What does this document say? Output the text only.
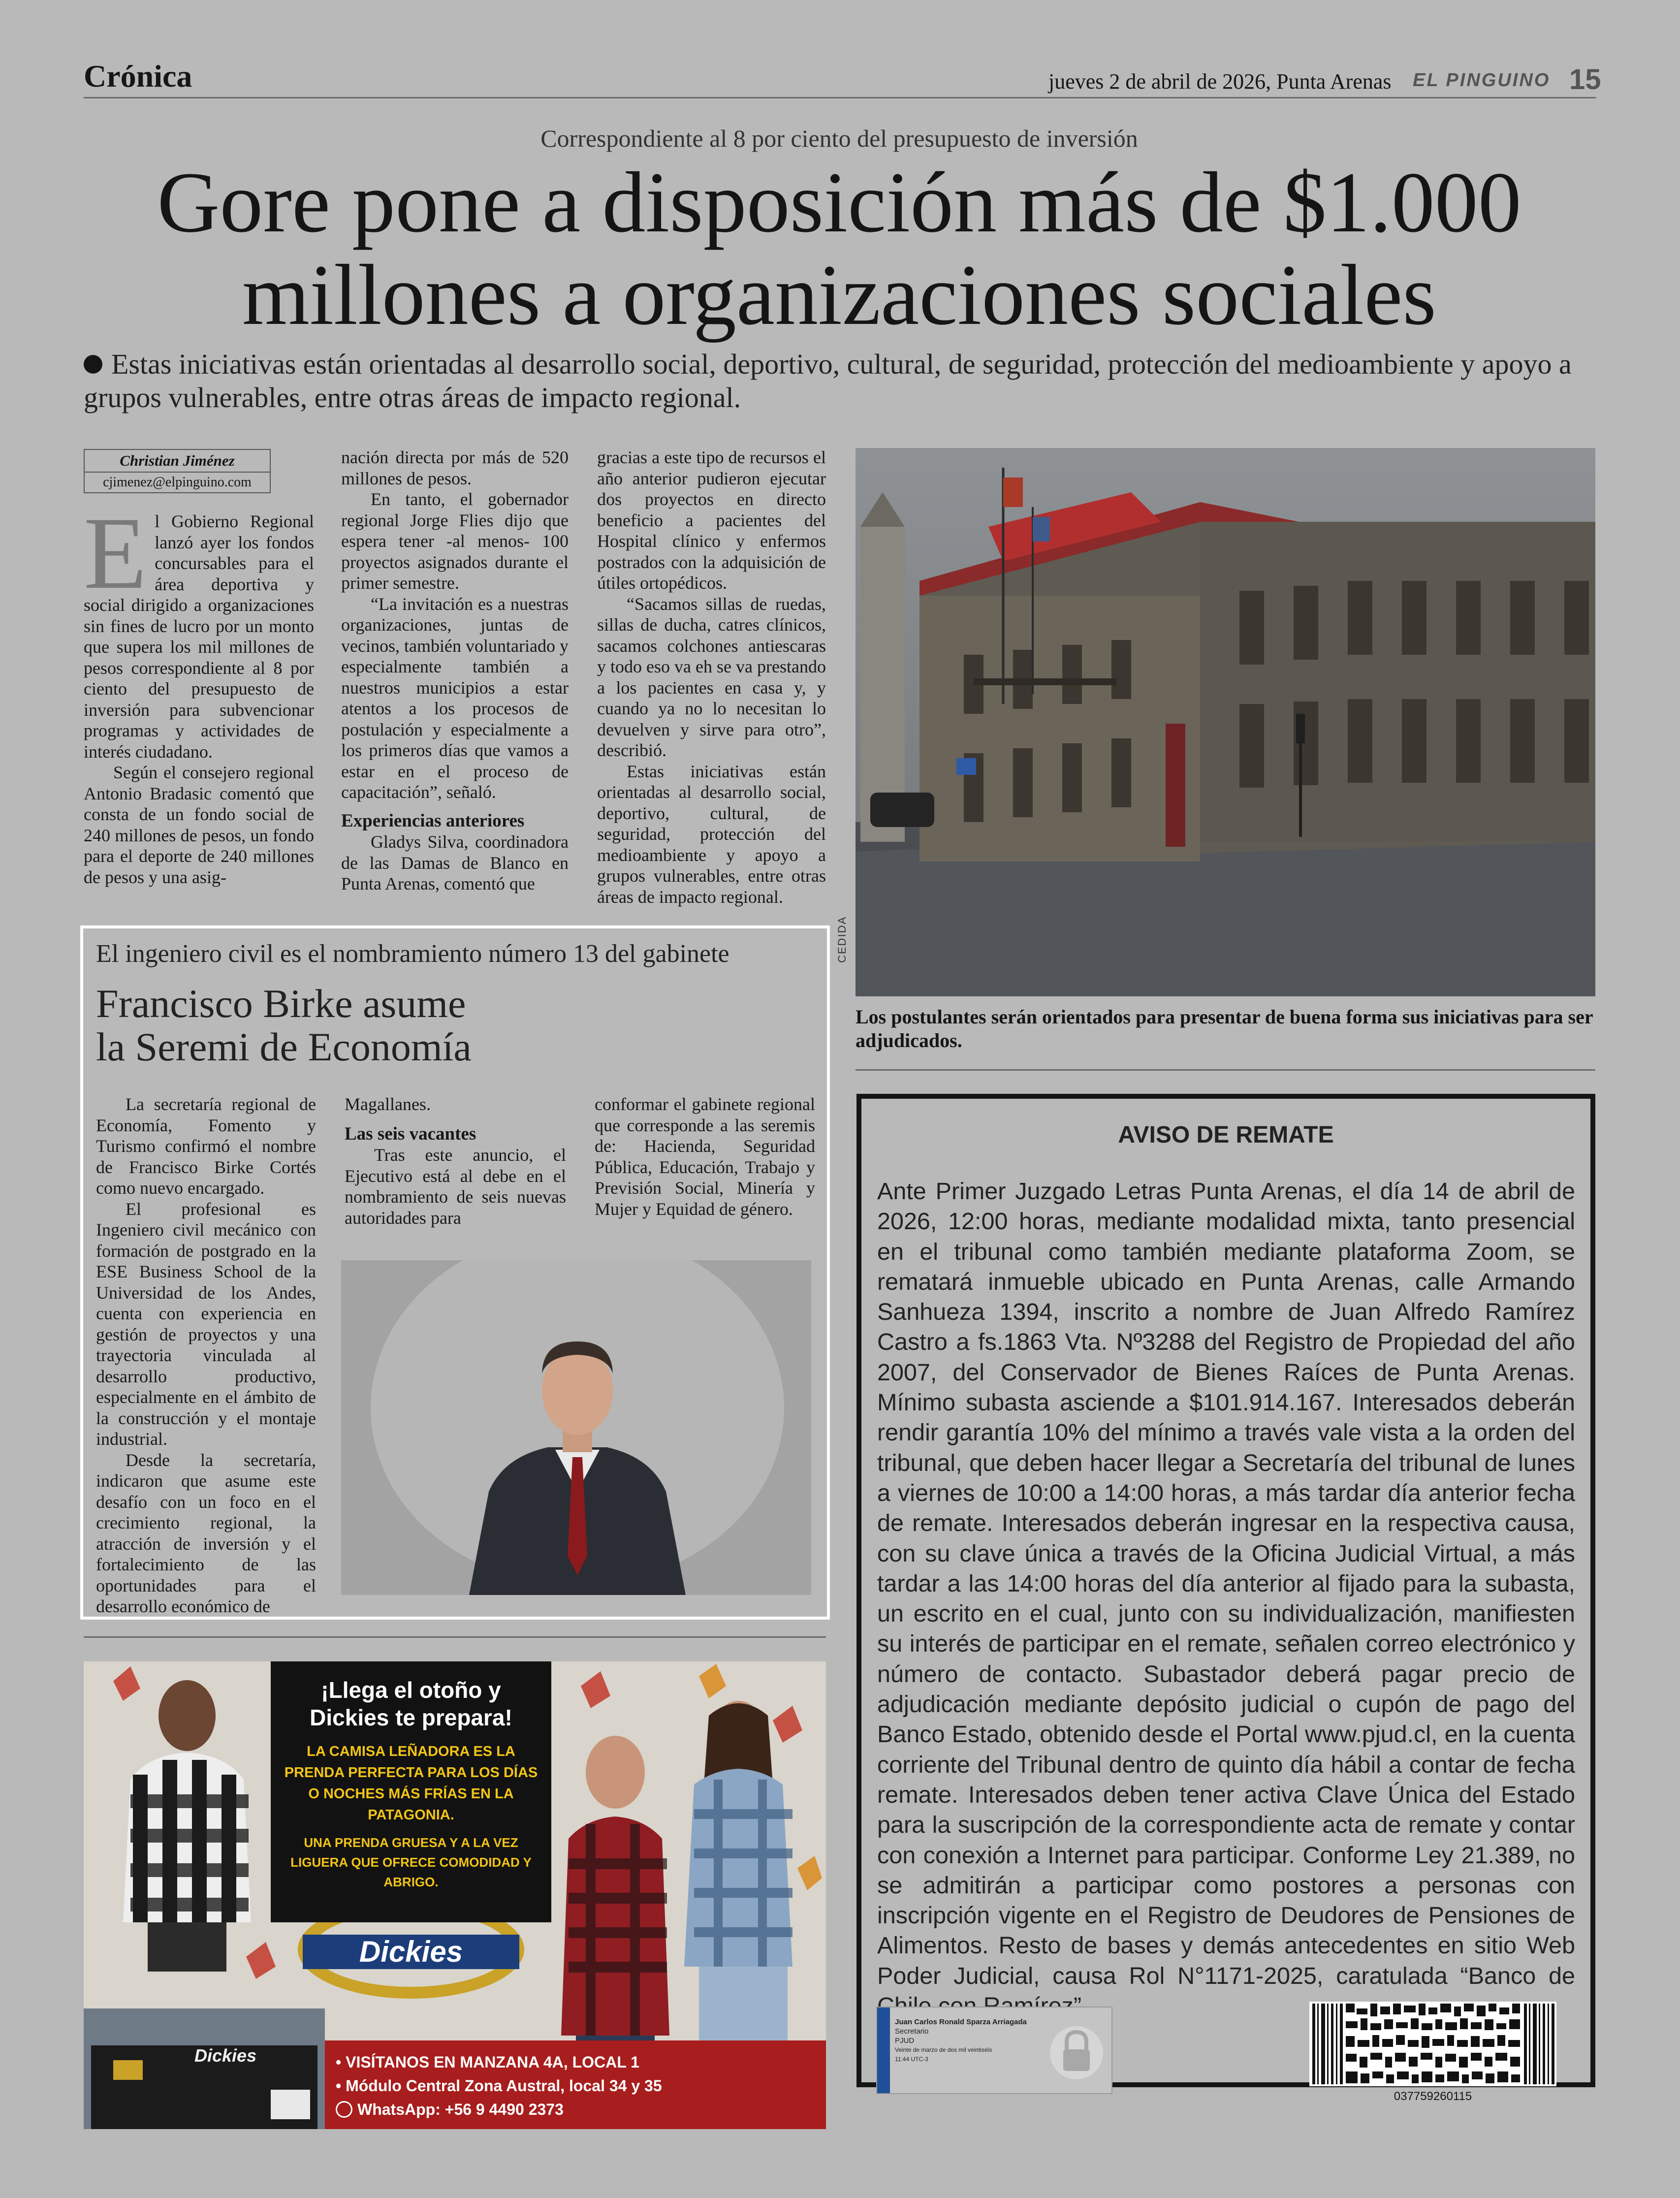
Crónica	jueves 2 de abril de 2026, Punta Arenas EL PINGUINO 15
Correspondiente al 8 por ciento del presupuesto de inversión
Gore pone a disposición más de $1.000 millones a organizaciones sociales
Estas iniciativas están orientadas al desarrollo social, deportivo, cultural, de seguridad, protección del medioambiente y apoyo a grupos vulnerables, entre otras áreas de impacto regional.
Christian Jiménez
cjimenez@elpinguino.com

El Gobierno Regional lanzó ayer los fondos concursables para el área deportiva y social dirigido a organizaciones sin fines de lucro por un monto que supera los mil millones de pesos correspondiente al 8 por ciento del presupuesto de inversión para subvencionar programas y actividades de interés ciudadano.

Según el consejero regional Antonio Bradasic comentó que consta de un fondo social de 240 millones de pesos, un fondo para el deporte de 240 millones de pesos y una asig-

nación directa por más de 520 millones de pesos.

En tanto, el gobernador regional Jorge Flies dijo que espera tener -al menos- 100 proyectos asignados durante el primer semestre.

“La invitación es a nuestras organizaciones, juntas de vecinos, también voluntariado y especialmente también a nuestros municipios a estar atentos a los procesos de postulación y especialmente a los primeros días que vamos a estar en el proceso de capacitación”, señaló.

Experiencias anteriores

Gladys Silva, coordinadora de las Damas de Blanco en Punta Arenas, comentó que

gracias a este tipo de recursos el año anterior pudieron ejecutar dos proyectos en directo beneficio a pacientes del Hospital clínico y enfermos postrados con la adquisición de útiles ortopédicos.

“Sacamos sillas de ruedas, sillas de ducha, catres clínicos, sacamos colchones antiescaras y todo eso va eh se va prestando a los pacientes en casa y, y cuando ya no lo necesitan lo devuelven y sirve para otro”, describió.

Estas iniciativas están orientadas al desarrollo social, deportivo, cultural, de seguridad, protección del medioambiente y apoyo a grupos vulnerables, entre otras áreas de impacto regional.

CEDIDA
Los postulantes serán orientados para presentar de buena forma sus iniciativas para ser adjudicados.
El ingeniero civil es el nombramiento número 13 del gabinete
Francisco Birke asume
la Seremi de Economía

La secretaría regional de Economía, Fomento y Turismo confirmó el nombre de Francisco Birke Cortés como nuevo encargado.

El profesional es Ingeniero civil mecánico con formación de postgrado en la ESE Business School de la Universidad de los Andes, cuenta con experiencia en gestión de proyectos y una trayectoria vinculada al desarrollo productivo, especialmente en el ámbito de la construcción y el montaje industrial.

Desde la secretaría, indicaron que asume este desafío con un foco en el crecimiento regional, la atracción de inversión y el fortalecimiento de las oportunidades para el desarrollo económico de

Magallanes.

Las seis vacantes

Tras este anuncio, el Ejecutivo está al debe en el nombramiento de seis nuevas autoridades para

conformar el gabinete regional que corresponde a las seremis de: Hacienda, Seguridad Pública, Educación, Trabajo y Previsión Social, Minería y Mujer y Equidad de género.

¡Llega el otoño y
Dickies te prepara!
LA CAMISA LEÑADORA ES LA PRENDA PERFECTA PARA LOS DÍAS O NOCHES MÁS FRÍAS EN LA PATAGONIA.
UNA PRENDA GRUESA Y A LA VEZ LIGUERA QUE OFRECE COMODIDAD Y ABRIGO.
Dickies
Dickies	• VISÍTANOS EN MANZANA 4A, LOCAL 1
• Módulo Central Zona Austral, local 34 y 35
WhatsApp: +56 9 4490 2373
AVISO DE REMATE
Ante Primer Juzgado Letras Punta Arenas, el día 14 de abril de 2026, 12:00 horas, mediante modalidad mixta, tanto presencial en el tribunal como también mediante plataforma Zoom, se rematará inmueble ubicado en Punta Arenas, calle Armando Sanhueza 1394, inscrito a nombre de Juan Alfredo Ramírez Castro a fs.1863 Vta. Nº3288 del Registro de Propiedad del año 2007, del Conservador de Bienes Raíces de Punta Arenas. Mínimo subasta asciende a $101.914.167. Interesados deberán rendir garantía 10% del mínimo a través vale vista a la orden del tribunal, que deben hacer llegar a Secretaría del tribunal de lunes a viernes de 10:00 a 14:00 horas, a más tardar día anterior fecha de remate. Interesados deberán ingresar en la respectiva causa, con su clave única a través de la Oficina Judicial Virtual, a más tardar a las 14:00 horas del día anterior al fijado para la subasta, un escrito en el cual, junto con su individualización, manifiesten su interés de participar en el remate, señalen correo electrónico y número de contacto. Subastador deberá pagar precio de adjudicación mediante depósito judicial o cupón de pago del Banco Estado, obtenido desde el Portal www.pjud.cl, en la cuenta corriente del Tribunal dentro de quinto día hábil a contar de fecha remate. Interesados deben tener activa Clave Única del Estado para la suscripción de la correspondiente acta de remate y contar con conexión a Internet para participar. Conforme Ley 21.389, no se admitirán a participar como postores a personas con inscripción vigente en el Registro de Deudores de Pensiones de Alimentos. Resto de bases y demás antecedentes en sitio Web Poder Judicial, causa Rol N°1171-2025, caratulada “Banco de
Juan Carlos Ronald Sparza Arriagada
Secretario
PJUD
Veinte de marzo de dos mil veintiséis
11:44 UTC-3
037759260115
